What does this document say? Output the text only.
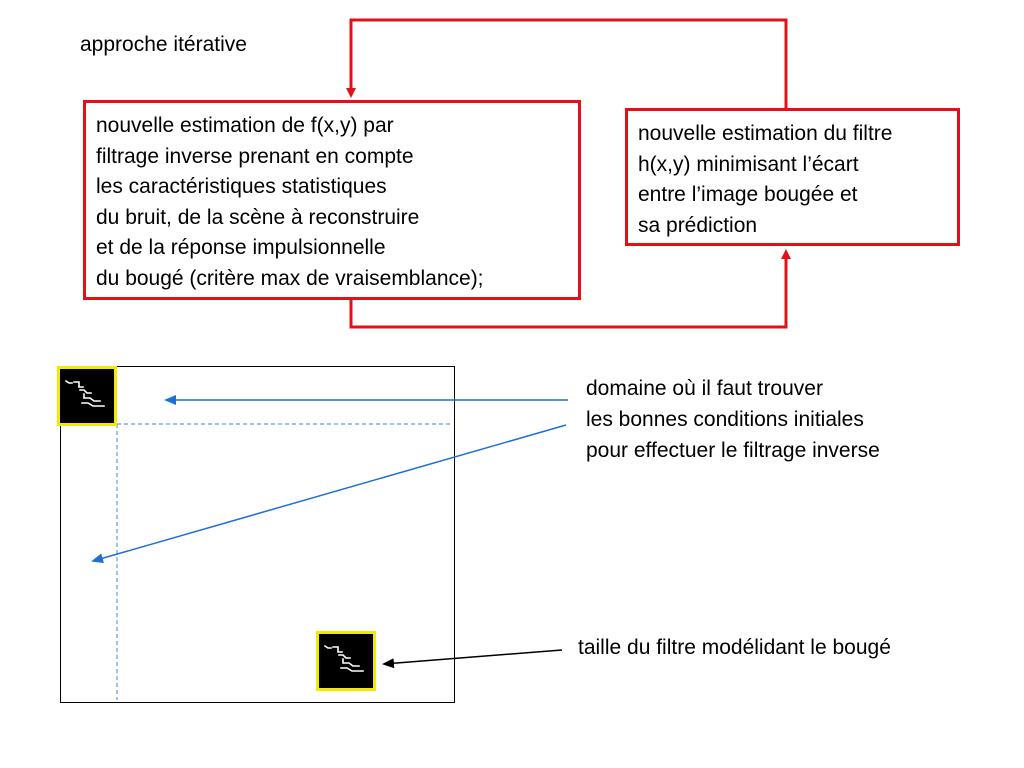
approche itérative
nouvelle estimation de f(x,y) par
filtrage inverse prenant en compte
les caractéristiques statistiques
du bruit, de la scène à reconstruire
et de la réponse impulsionnelle
du bougé (critère max de vraisemblance);
nouvelle estimation du filtre
h(x,y) minimisant l’écart
entre l’image bougée et
sa prédiction
domaine où il faut trouver
les bonnes conditions initiales
pour effectuer le filtrage inverse
taille du filtre modélidant le bougé
